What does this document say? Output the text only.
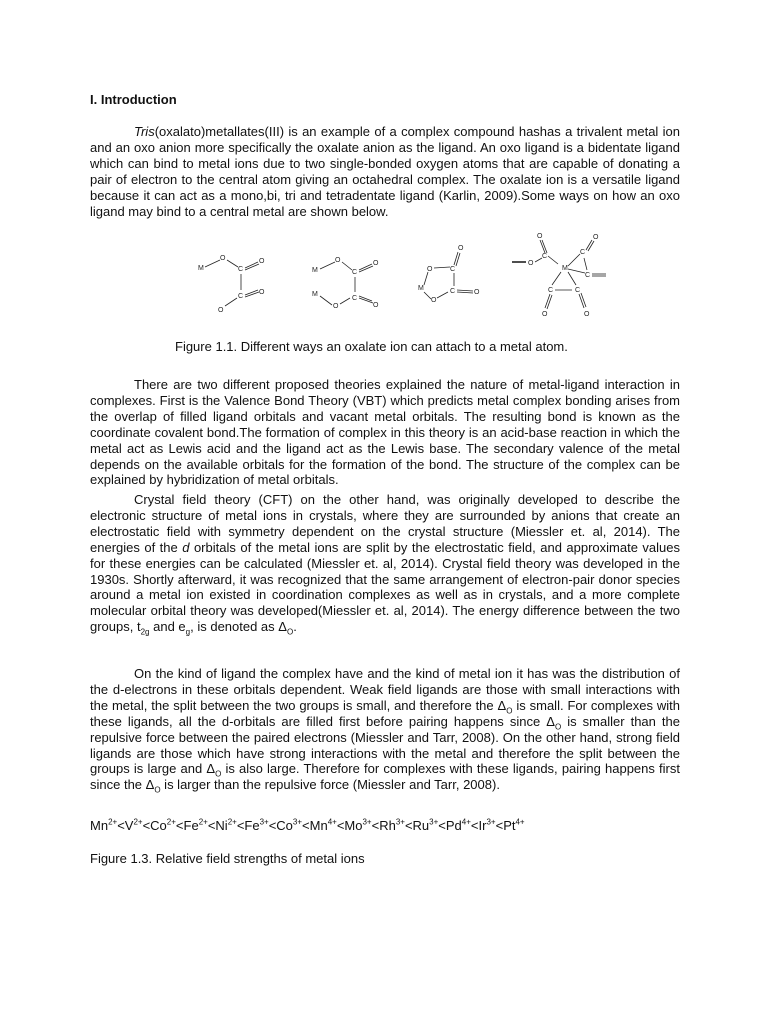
I. Introduction

Tris(oxalato)metallates(III) is an example of a complex compound hashas a trivalent metal ion and an oxo anion more specifically the oxalate anion as the ligand. An oxo ligand is a bidentate ligand which can bind to metal ions due to two single-bonded oxygen atoms that are capable of donating a pair of electron to the central atom giving an octahedral complex. The oxalate ion is a versatile ligand because it can act as a mono,bi, tri and tetradentate ligand (Karlin, 2009).Some ways on how an oxo ligand may bind to a central metal are shown below.

M
O
C
O
C
O
O
M
O
C
O
C
O
O
M
M
O	C
O
C	O
O
M
O
C
O
C
O
C
C
O
C
O
Figure 1.1. Different ways an oxalate ion can attach to a metal atom.

There are two different proposed theories explained the nature of metal-ligand interaction in complexes. First is the Valence Bond Theory (VBT) which predicts metal complex bonding arises from the overlap of filled ligand orbitals and vacant metal orbitals. The resulting bond is known as the coordinate covalent bond.The formation of complex in this theory is an acid-base reaction in which the metal act as Lewis acid and the ligand act as the Lewis base. The secondary valence of the metal depends on the available orbitals for the formation of the bond. The structure of the complex can be explained by hybridization of metal orbitals.

Crystal field theory (CFT) on the other hand, was originally developed to describe the electronic structure of metal ions in crystals, where they are surrounded by anions that create an electrostatic field with symmetry dependent on the crystal structure (Miessler et. al, 2014). The energies of the d orbitals of the metal ions are split by the electrostatic field, and approximate values for these energies can be calculated (Miessler et. al, 2014). Crystal field theory was developed in the 1930s. Shortly afterward, it was recognized that the same arrangement of electron-pair donor species around a metal ion existed in coordination complexes as well as in crystals, and a more complete molecular orbital theory was developed(Miessler et. al, 2014). The energy difference between the two groups, $t_{2g}$ and $e_g$, is denoted as $\Delta_O$.

On the kind of ligand the complex have and the kind of metal ion it has was the distribution of the d-electrons in these orbitals dependent. Weak field ligands are those with small interactions with the metal, the split between the two groups is small, and therefore the $\Delta_O$ is small. For complexes with these ligands, all the d-orbitals are filled first before pairing happens since $\Delta_O$ is smaller than the repulsive force between the paired electrons (Miessler and Tarr, 2008). On the other hand, strong field ligands are those which have strong interactions with the metal and therefore the split between the groups is large and $\Delta_O$ is also large. Therefore for complexes with these ligands, pairing happens first since the $\Delta_O$ is larger than the repulsive force (Miessler and Tarr, 2008).

$Mn^{2+}<V^{2+}<Co^{2+}<Fe^{2+}<Ni^{2+}<Fe^{3+}<Co^{3+}<Mn^{4+}<Mo^{3+}<Rh^{3+}<Ru^{3+}<Pd^{4+}<Ir^{3+}<Pt^{4+}$
Figure 1.3. Relative field strengths of metal ions
